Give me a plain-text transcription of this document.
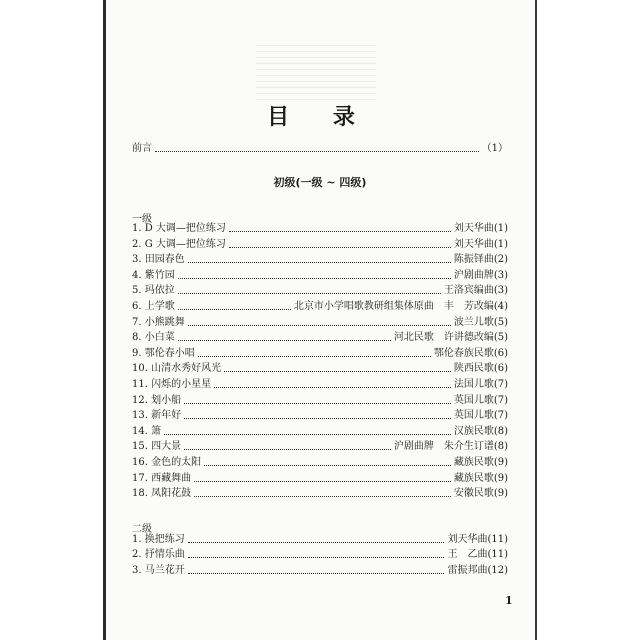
目 录
前言	（1）
初级(一级 ~ 四级)
一级
1. D 大调—把位练习	刘天华曲(1)
2. G 大调—把位练习	刘天华曲(1)
3. 田园春色	陈振铎曲(2)
4. 紫竹园	沪剧曲牌(3)
5. 玛依拉	王洛宾编曲(3)
6. 上学歌	北京市小学唱歌教研组集体原曲　丰　芳改编(4)
7. 小熊跳舞	波兰儿歌(5)
8. 小白菜	河北民歌　许讲德改编(5)
9. 鄂伦春小唱	鄂伦春族民歌(6)
10. 山清水秀好风光	陕西民歌(6)
11. 闪烁的小星星	法国儿歌(7)
12. 划小船	英国儿歌(7)
13. 新年好	英国儿歌(7)
14. 箫	汉族民歌(8)
15. 四大景	沪剧曲牌　朱介生订谱(8)
16. 金色的太阳	藏族民歌(9)
17. 西藏舞曲	藏族民歌(9)
18. 凤阳花鼓	安徽民歌(9)
二级
1. 换把练习	刘天华曲(11)
2. 抒情乐曲	王　乙曲(11)
3. 马兰花开	雷振邦曲(12)
1
